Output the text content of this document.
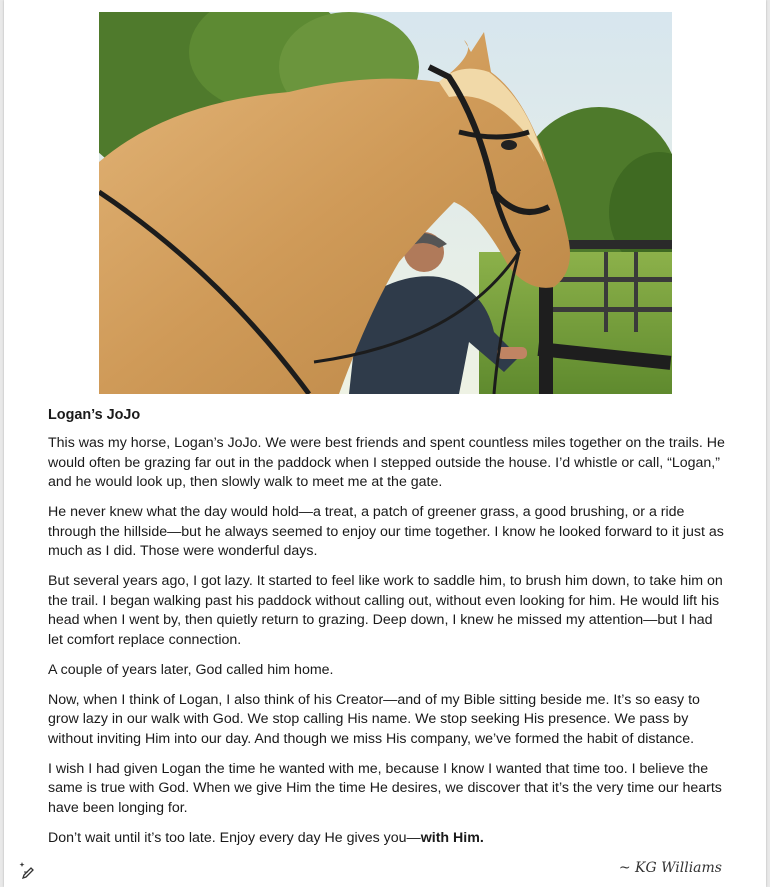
Logan’s JoJo

This was my horse, Logan’s JoJo. We were best friends and spent countless miles together on the trails. He would often be grazing far out in the paddock when I stepped outside the house. I’d whistle or call, “Logan,” and he would look up, then slowly walk to meet me at the gate.

He never knew what the day would hold—a treat, a patch of greener grass, a good brushing, or a ride through the hillside—but he always seemed to enjoy our time together. I know he looked forward to it just as much as I did. Those were wonderful days.

But several years ago, I got lazy. It started to feel like work to saddle him, to brush him down, to take him on the trail. I began walking past his paddock without calling out, without even looking for him. He would lift his head when I went by, then quietly return to grazing. Deep down, I knew he missed my attention—but I had let comfort replace connection.

A couple of years later, God called him home.

Now, when I think of Logan, I also think of his Creator—and of my Bible sitting beside me. It’s so easy to grow lazy in our walk with God. We stop calling His name. We stop seeking His presence. We pass by without inviting Him into our day. And though we miss His company, we’ve formed the habit of distance.

I wish I had given Logan the time he wanted with me, because I know I wanted that time too. I believe the same is true with God. When we give Him the time He desires, we discover that it’s the very time our hearts have been longing for.

Don’t wait until it’s too late. Enjoy every day He gives you—with Him.

~ KG Williams
